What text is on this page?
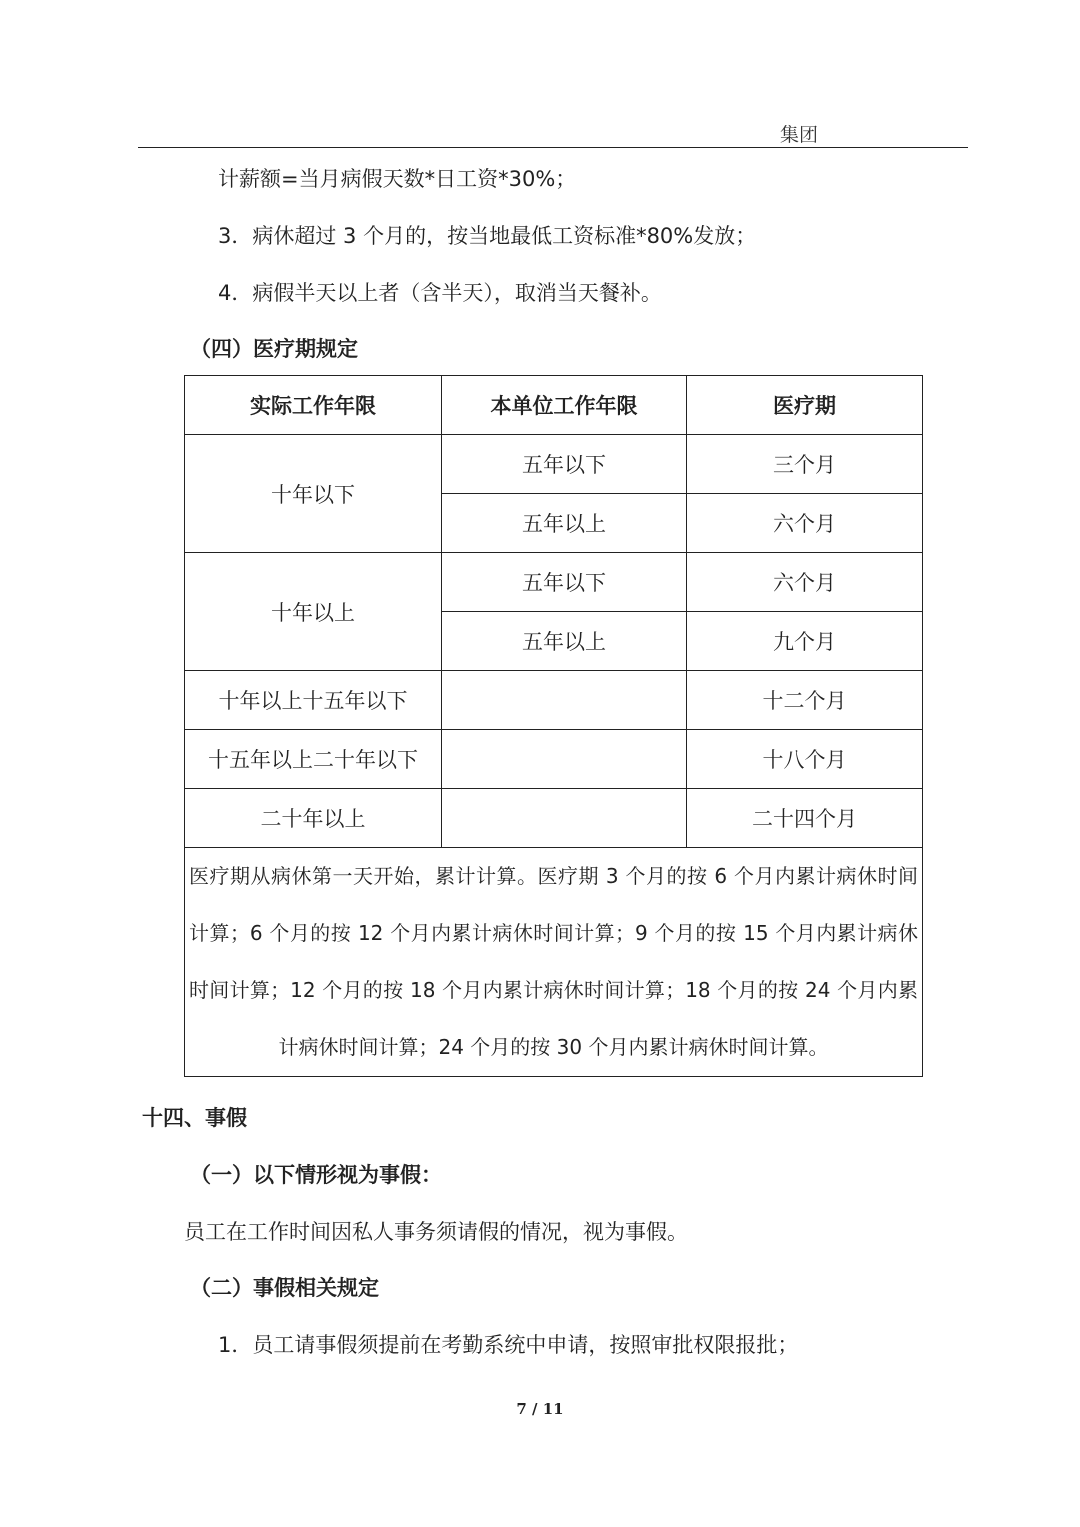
集团
计薪额=当月病假天数*日工资*30%；
3．病休超过 3 个月的，按当地最低工资标准*80%发放；
4．病假半天以上者（含半天），取消当天餐补。
（四）医疗期规定
实际工作年限	本单位工作年限	医疗期
十年以下	五年以下	三个月
	五年以上	六个月
十年以上	五年以下	六个月
	五年以上	九个月
十年以上十五年以下		十二个月
十五年以上二十年以下		十八个月
二十年以上		二十四个月
医疗期从病休第一天开始，累计计算。医疗期 3 个月的按 6 个月内累计病休时间计算；6 个月的按 12 个月内累计病休时间计算；9 个月的按 15 个月内累计病休时间计算；12 个月的按 18 个月内累计病休时间计算；18 个月的按 24 个月内累计病休时间计算；24 个月的按 30 个月内累计病休时间计算。		
十四、事假
（一）以下情形视为事假：
员工在工作时间因私人事务须请假的情况，视为事假。
（二）事假相关规定
1．员工请事假须提前在考勤系统中申请，按照审批权限报批；
7 / 11
